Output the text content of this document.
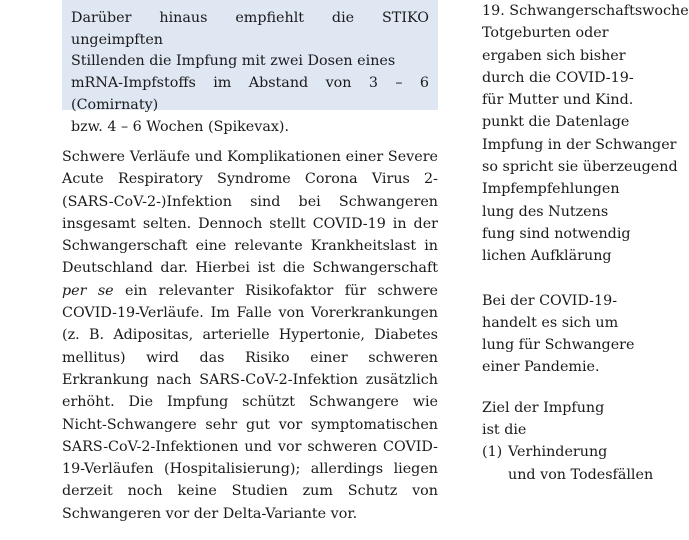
Darüber hinaus empfiehlt die STIKO ungeimpften
Stillenden die Impfung mit zwei Dosen eines
mRNA-Impfstoffs im Abstand von 3 – 6 (Comirnaty)
bzw. 4 – 6 Wochen (Spikevax).
Schwere Verläufe und Komplikationen einer Severe Acute Respiratory Syndrome Corona Virus 2-(SARS-CoV-2-)Infektion sind bei Schwangeren insgesamt selten. Dennoch stellt COVID-19 in der Schwangerschaft eine relevante Krankheitslast in Deutschland dar. Hierbei ist die Schwangerschaft per se ein relevanter Risikofaktor für schwere COVID-19-Verläufe. Im Falle von Vorerkrankungen (z. B. Adipositas, arterielle Hypertonie, Diabetes mellitus) wird das Risiko einer schweren Erkrankung nach SARS-CoV-2-Infektion zusätzlich erhöht. Die Impfung schützt Schwangere wie Nicht-Schwangere sehr gut vor symptomatischen SARS-CoV-2-Infektionen und vor schweren COVID-19-Verläufen (Hospitalisierung); allerdings liegen derzeit noch keine Studien zum Schutz von Schwangeren vor der Delta-Variante vor.
19. Schwangerschaftswoche
Totgeburten oder
ergaben sich bisher
durch die COVID-19-
für Mutter und Kind.
punkt die Datenlage
Impfung in der Schwanger
so spricht sie überzeugend
Impfempfehlungen
lung des Nutzens
fung sind notwendig
lichen Aufklärung
Bei der COVID-19-
handelt es sich um
lung für Schwangere
einer Pandemie.
Ziel der Impfung
ist die
(1) Verhinderung
und von Todesfällen
